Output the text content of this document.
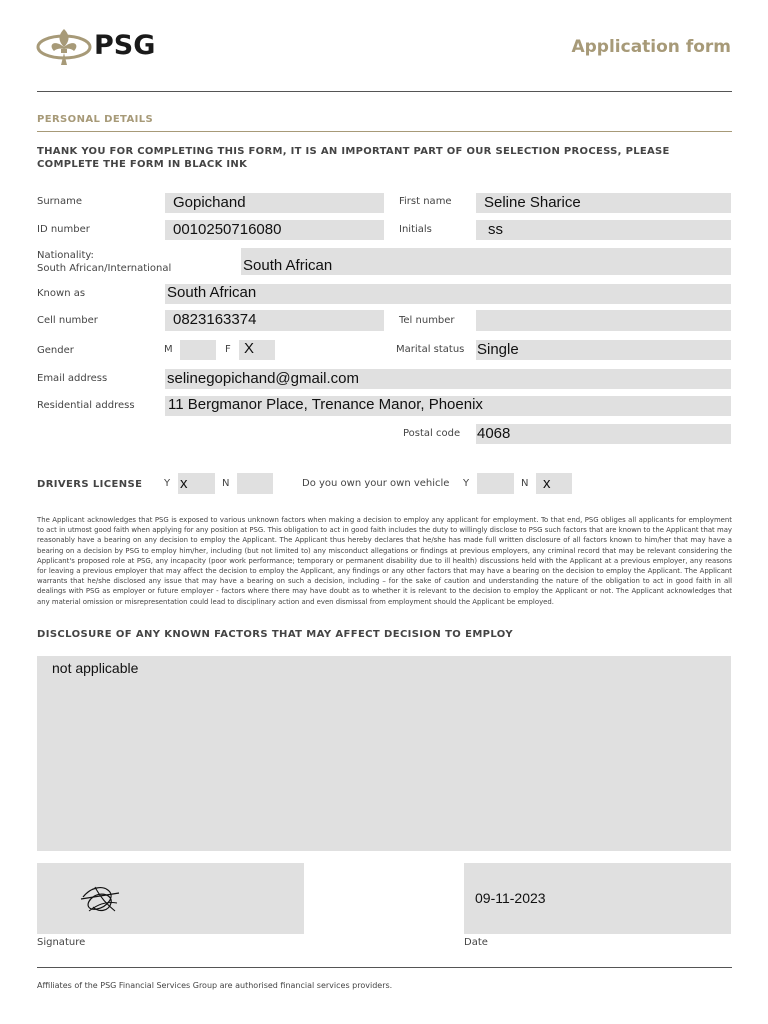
PSG	Application form
PERSONAL DETAILS
THANK YOU FOR COMPLETING THIS FORM, IT IS AN IMPORTANT PART OF OUR SELECTION PROCESS, PLEASE COMPLETE THE FORM IN BLACK INK
Surname	Gopichand	First name Seline Sharice
ID number	0010250716080	Initials	ss
Nationality:
South African/International	South African
Known as	South African
Cell number	0823163374	Tel number
Gender	M	F X	Marital status Single
Email address	selinegopichand@gmail.com
Residential address 11 Bergmanor Place, Trenance Manor, Phoenix
Postal code 4068
DRIVERS LICENSE Y x	N	Do you own your own vehicle Y	N x
The Applicant acknowledges that PSG is exposed to various unknown factors when making a decision to employ any applicant for employment. To that end, PSG obliges all applicants for employment to act in utmost good faith when applying for any position at PSG. This obligation to act in good faith includes the duty to willingly disclose to PSG such factors that are known to the Applicant that may reasonably have a bearing on any decision to employ the Applicant. The Applicant thus hereby declares that he/she has made full written disclosure of all factors known to him/her that may have a bearing on a decision by PSG to employ him/her, including (but not limited to) any misconduct allegations or findings at previous employers, any criminal record that may be relevant considering the Applicant's proposed role at PSG, any incapacity (poor work performance; temporary or permanent disability due to ill health) discussions held with the Applicant at a previous employer, any reasons for leaving a previous employer that may affect the decision to employ the Applicant, any findings or any other factors that may have a bearing on the decision to employ the Applicant. The Applicant warrants that he/she disclosed any issue that may have a bearing on such a decision, including – for the sake of caution and understanding the nature of the obligation to act in good faith in all dealings with PSG as employer or future employer - factors where there may have doubt as to whether it is relevant to the decision to employ the Applicant or not. The Applicant acknowledges that any material omission or misrepresentation could lead to disciplinary action and even dismissal from employment should the Applicant be employed.
DISCLOSURE OF ANY KNOWN FACTORS THAT MAY AFFECT DECISION TO EMPLOY
not applicable
Signature
09-11-2023
Date
Affiliates of the PSG Financial Services Group are authorised financial services providers.
